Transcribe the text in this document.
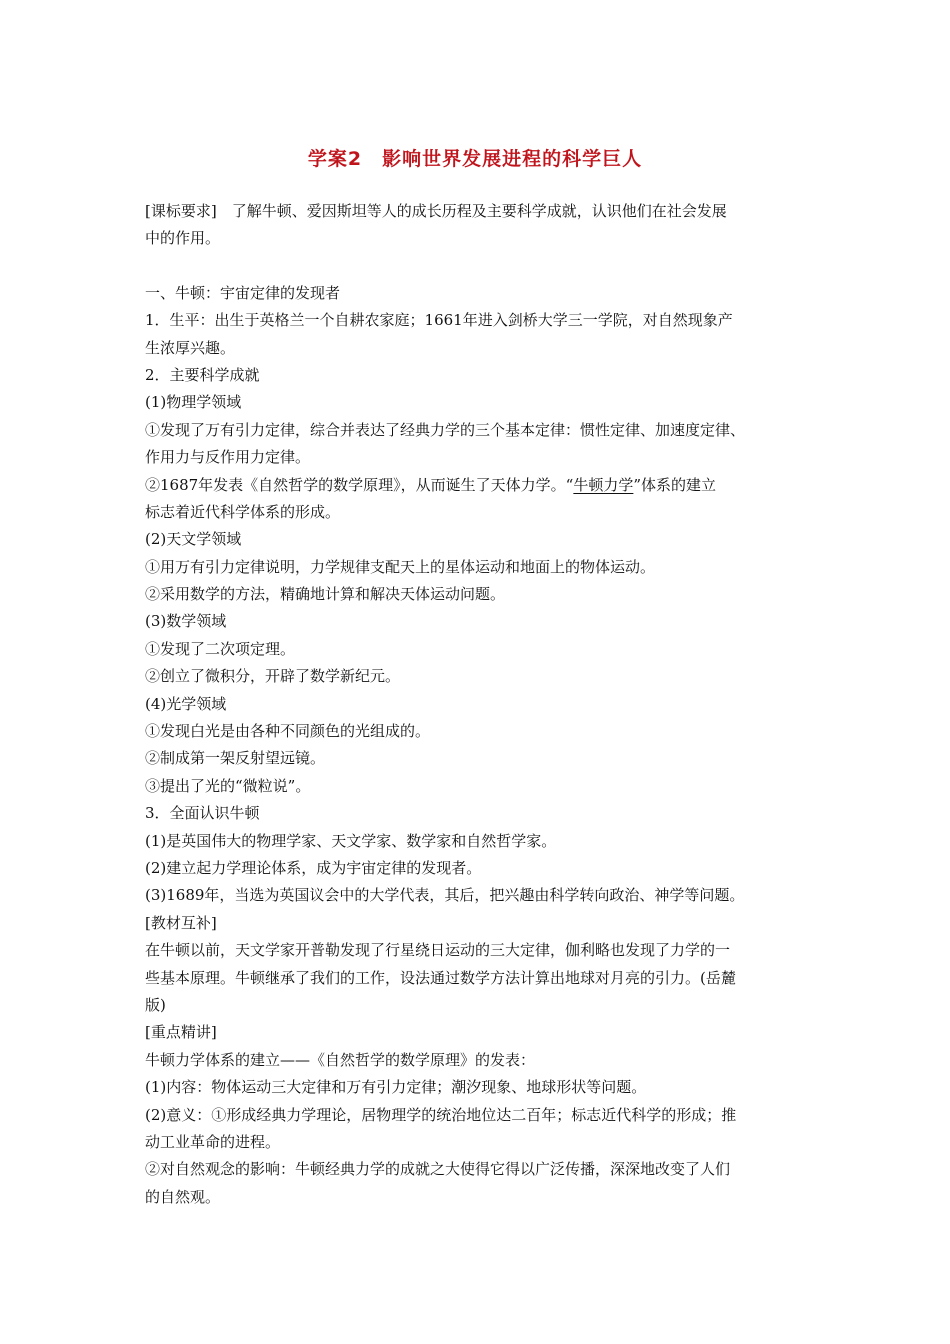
学案2　影响世界发展进程的科学巨人
[课标要求]　了解牛顿、爱因斯坦等人的成长历程及主要科学成就，认识他们在社会发展
中的作用。
一、牛顿：宇宙定律的发现者
1．生平：出生于英格兰一个自耕农家庭；1661年进入剑桥大学三一学院，对自然现象产
生浓厚兴趣。
2．主要科学成就
(1)物理学领域
①发现了万有引力定律，综合并表达了经典力学的三个基本定律：惯性定律、加速度定律、
作用力与反作用力定律。
②1687年发表《自然哲学的数学原理》，从而诞生了天体力学。“牛顿力学”体系的建立
标志着近代科学体系的形成。
(2)天文学领域
①用万有引力定律说明，力学规律支配天上的星体运动和地面上的物体运动。
②采用数学的方法，精确地计算和解决天体运动问题。
(3)数学领域
①发现了二次项定理。
②创立了微积分，开辟了数学新纪元。
(4)光学领域
①发现白光是由各种不同颜色的光组成的。
②制成第一架反射望远镜。
③提出了光的“微粒说”。
3．全面认识牛顿
(1)是英国伟大的物理学家、天文学家、数学家和自然哲学家。
(2)建立起力学理论体系，成为宇宙定律的发现者。
(3)1689年，当选为英国议会中的大学代表，其后，把兴趣由科学转向政治、神学等问题。
[教材互补]
在牛顿以前，天文学家开普勒发现了行星绕日运动的三大定律，伽利略也发现了力学的一
些基本原理。牛顿继承了我们的工作，设法通过数学方法计算出地球对月亮的引力。(岳麓
版)
[重点精讲]
牛顿力学体系的建立——《自然哲学的数学原理》的发表：
(1)内容：物体运动三大定律和万有引力定律；潮汐现象、地球形状等问题。
(2)意义：①形成经典力学理论，居物理学的统治地位达二百年；标志近代科学的形成；推
动工业革命的进程。
②对自然观念的影响：牛顿经典力学的成就之大使得它得以广泛传播，深深地改变了人们
的自然观。
